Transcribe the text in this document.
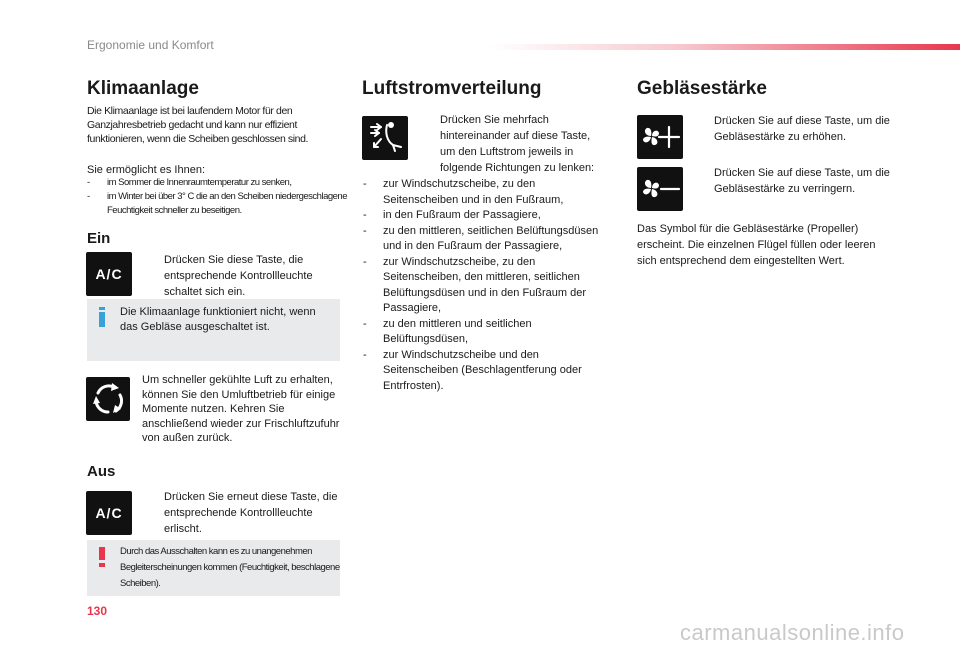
Ergonomie und Komfort
Klimaanlage
Die Klimaanlage ist bei laufendem Motor für den Ganzjahresbetrieb gedacht und kann nur effizient funktionieren, wenn die Scheiben geschlossen sind.
Sie ermöglicht es Ihnen:
-	im Sommer die Innenraumtemperatur zu senken,
-	im Winter bei über 3° C die an den Scheiben niedergeschlagene Feuchtigkeit schneller zu beseitigen.
Ein
A/C
Drücken Sie diese Taste, die entsprechende Kontrollleuchte schaltet sich ein.
Die Klimaanlage funktioniert nicht, wenn das Gebläse ausgeschaltet ist.
Um schneller gekühlte Luft zu erhalten, können Sie den Umluftbetrieb für einige Momente nutzen. Kehren Sie anschließend wieder zur Frischluftzufuhr von außen zurück.
Aus
A/C
Drücken Sie erneut diese Taste, die entsprechende Kontrollleuchte erlischt.
Durch das Ausschalten kann es zu unangenehmen Begleiterscheinungen kommen (Feuchtigkeit, beschlagene Scheiben).
130
Luftstromverteilung
Drücken Sie mehrfach hintereinander auf diese Taste, um den Luftstrom jeweils in folgende Richtungen zu lenken:
-	zur Windschutzscheibe, zu den Seitenscheiben und in den Fußraum,
-	in den Fußraum der Passagiere,
-	zu den mittleren, seitlichen Belüftungsdüsen und in den Fußraum der Passagiere,
-	zur Windschutzscheibe, zu den Seitenscheiben, den mittleren, seitlichen Belüftungsdüsen und in den Fußraum der Passagiere,
-	zu den mittleren und seitlichen Belüftungsdüsen,
-	zur Windschutzscheibe und den Seitenscheiben (Beschlagentferung oder Entrfrosten).
Gebläsestärke
Drücken Sie auf diese Taste, um die Gebläsestärke zu erhöhen.
Drücken Sie auf diese Taste, um die Gebläsestärke zu verringern.
Das Symbol für die Gebläsestärke (Propeller) erscheint. Die einzelnen Flügel füllen oder leeren sich entsprechend dem eingestellten Wert.
carmanualsonline.info
